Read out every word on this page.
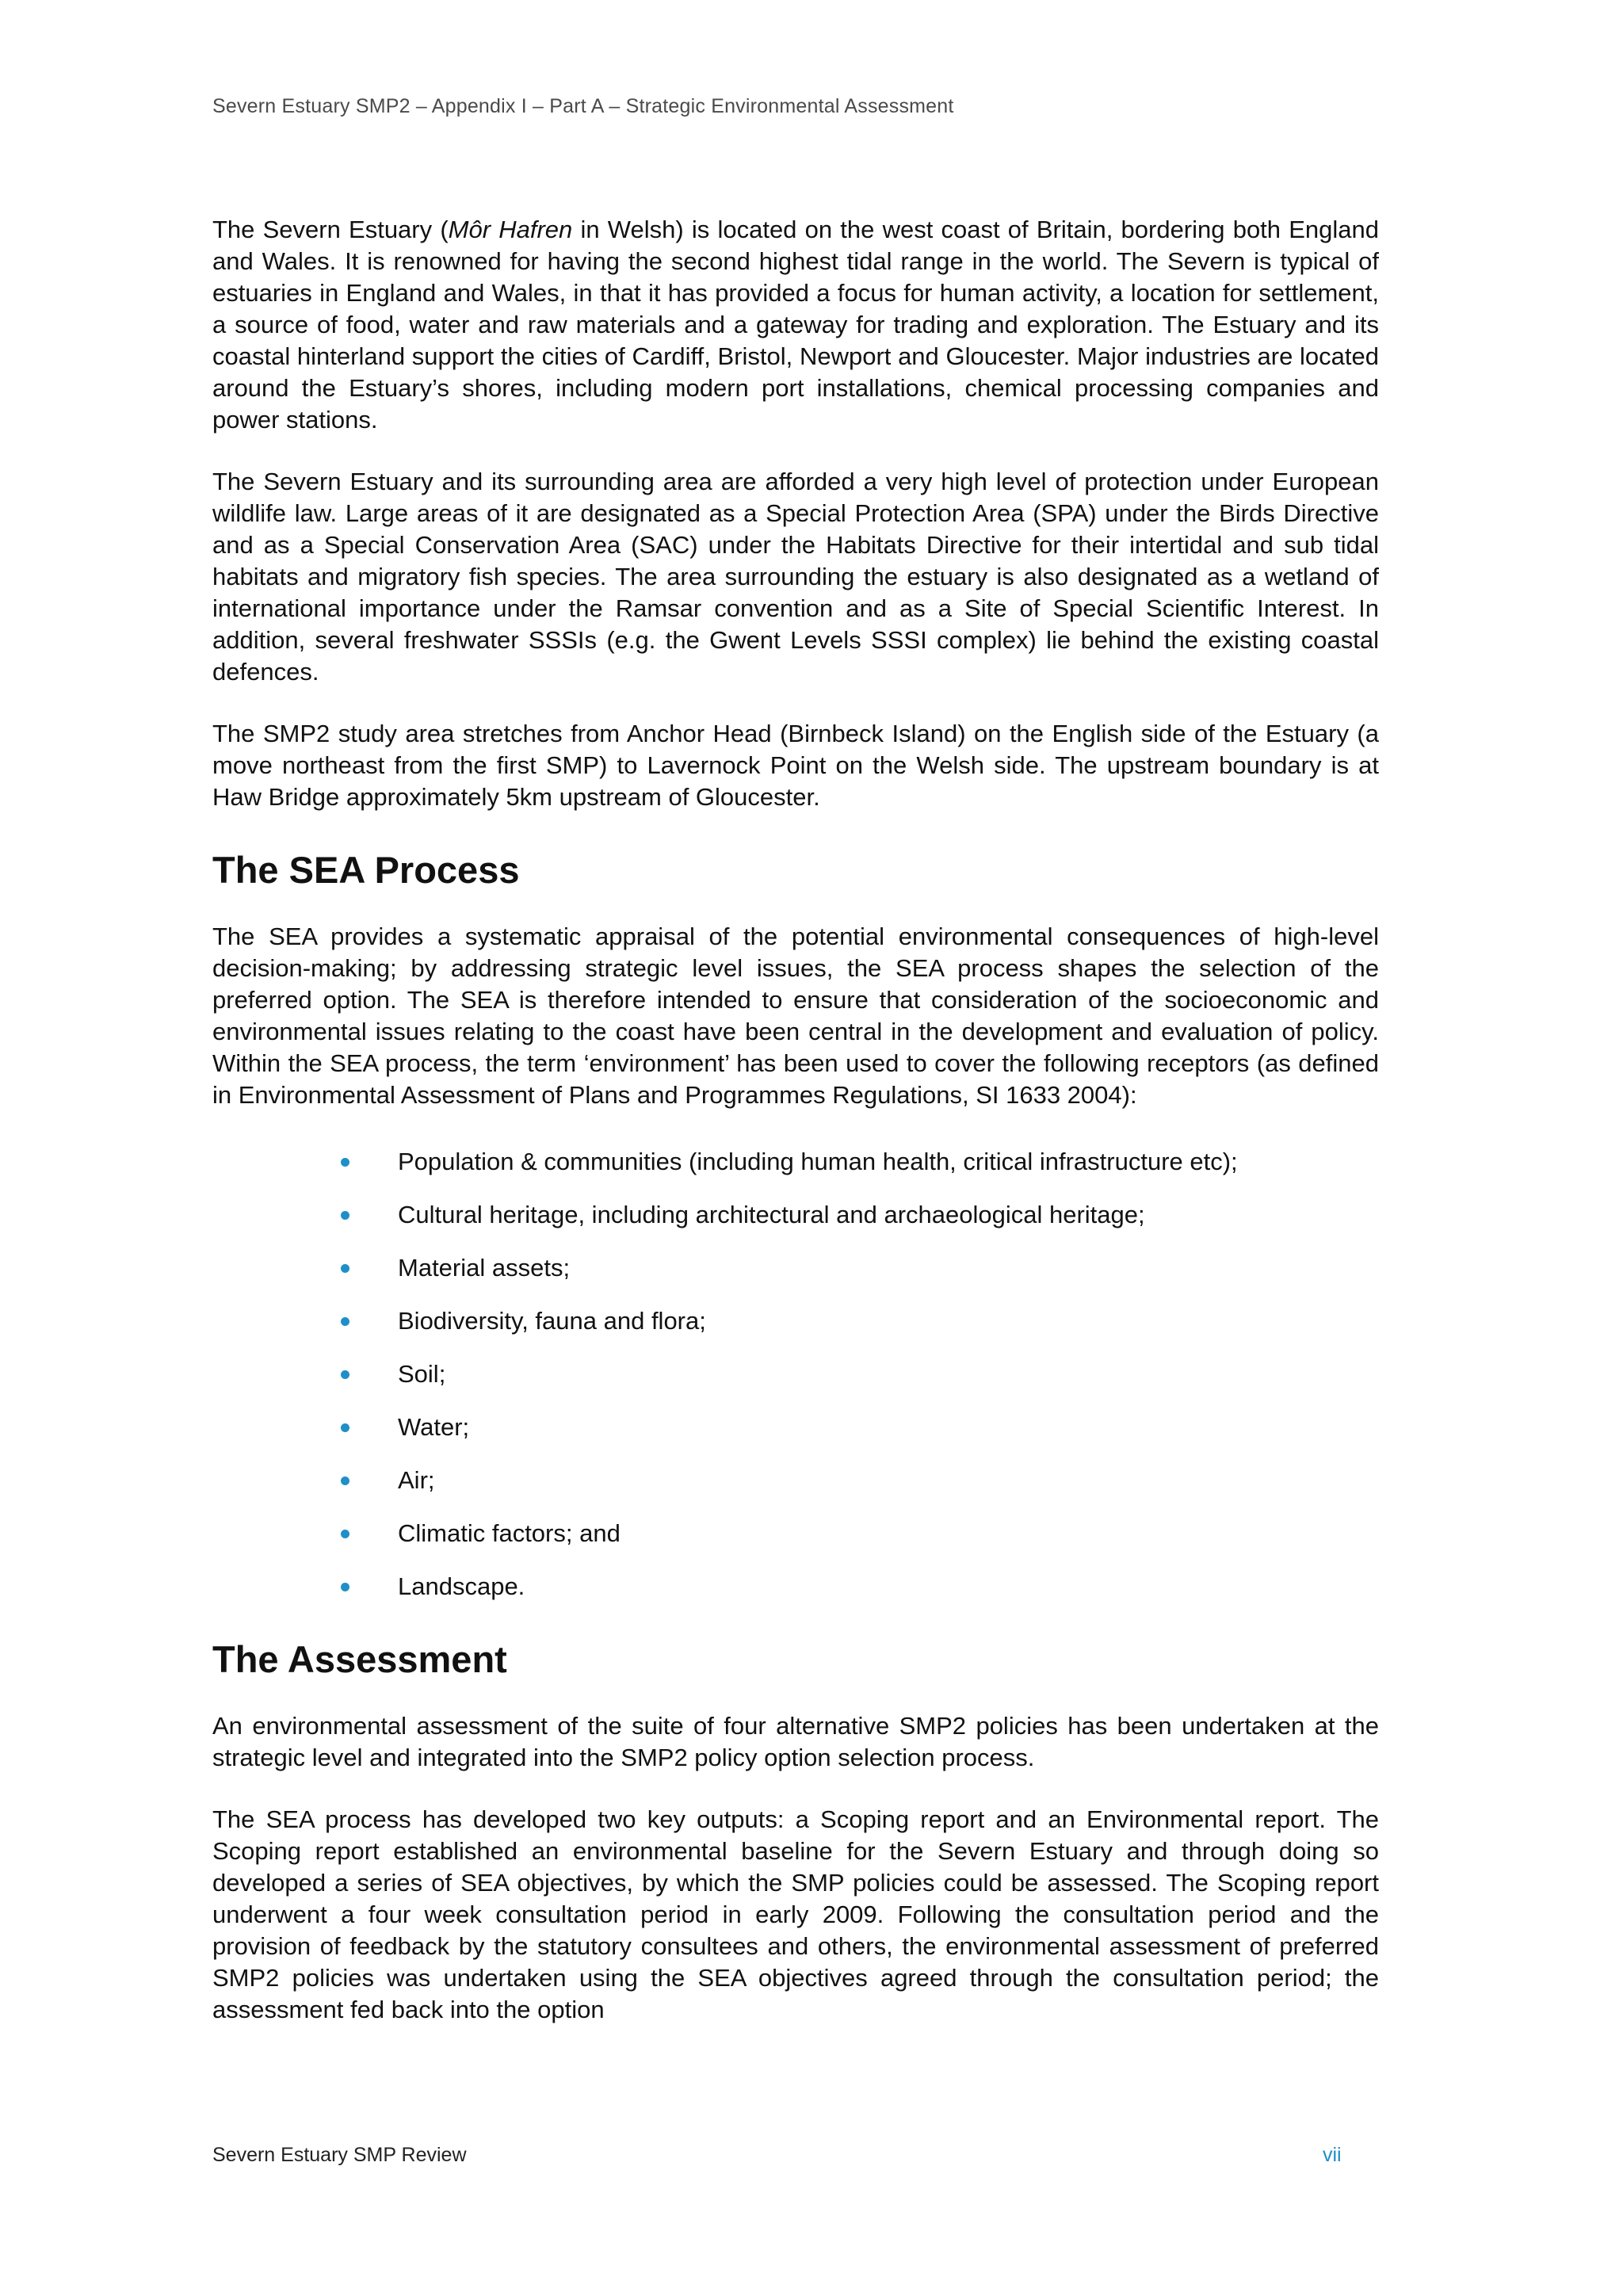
Severn Estuary SMP2 – Appendix I – Part A – Strategic Environmental Assessment

The Severn Estuary (Môr Hafren in Welsh) is located on the west coast of Britain, bordering both England and Wales. It is renowned for having the second highest tidal range in the world. The Severn is typical of estuaries in England and Wales, in that it has provided a focus for human activity, a location for settlement, a source of food, water and raw materials and a gateway for trading and exploration. The Estuary and its coastal hinterland support the cities of Cardiff, Bristol, Newport and Gloucester. Major industries are located around the Estuary’s shores, including modern port installations, chemical processing companies and power stations.

The Severn Estuary and its surrounding area are afforded a very high level of protection under European wildlife law. Large areas of it are designated as a Special Protection Area (SPA) under the Birds Directive and as a Special Conservation Area (SAC) under the Habitats Directive for their intertidal and sub tidal habitats and migratory fish species. The area surrounding the estuary is also designated as a wetland of international importance under the Ramsar convention and as a Site of Special Scientific Interest. In addition, several freshwater SSSIs (e.g. the Gwent Levels SSSI complex) lie behind the existing coastal defences.

The SMP2 study area stretches from Anchor Head (Birnbeck Island) on the English side of the Estuary (a move northeast from the first SMP) to Lavernock Point on the Welsh side. The upstream boundary is at Haw Bridge approximately 5km upstream of Gloucester.

The SEA Process

The SEA provides a systematic appraisal of the potential environmental consequences of high-level decision-making; by addressing strategic level issues, the SEA process shapes the selection of the preferred option. The SEA is therefore intended to ensure that consideration of the socioeconomic and environmental issues relating to the coast have been central in the development and evaluation of policy. Within the SEA process, the term ‘environment’ has been used to cover the following receptors (as defined in Environmental Assessment of Plans and Programmes Regulations, SI 1633 2004):

Population & communities (including human health, critical infrastructure etc);
Cultural heritage, including architectural and archaeological heritage;
Material assets;
Biodiversity, fauna and flora;
Soil;
Water;
Air;
Climatic factors; and
Landscape.
The Assessment

An environmental assessment of the suite of four alternative SMP2 policies has been undertaken at the strategic level and integrated into the SMP2 policy option selection process.

The SEA process has developed two key outputs: a Scoping report and an Environmental report. The Scoping report established an environmental baseline for the Severn Estuary and through doing so developed a series of SEA objectives, by which the SMP policies could be assessed. The Scoping report underwent a four week consultation period in early 2009. Following the consultation period and the provision of feedback by the statutory consultees and others, the environmental assessment of preferred SMP2 policies was undertaken using the SEA objectives agreed through the consultation period; the assessment fed back into the option

Severn Estuary SMP Review	vii
